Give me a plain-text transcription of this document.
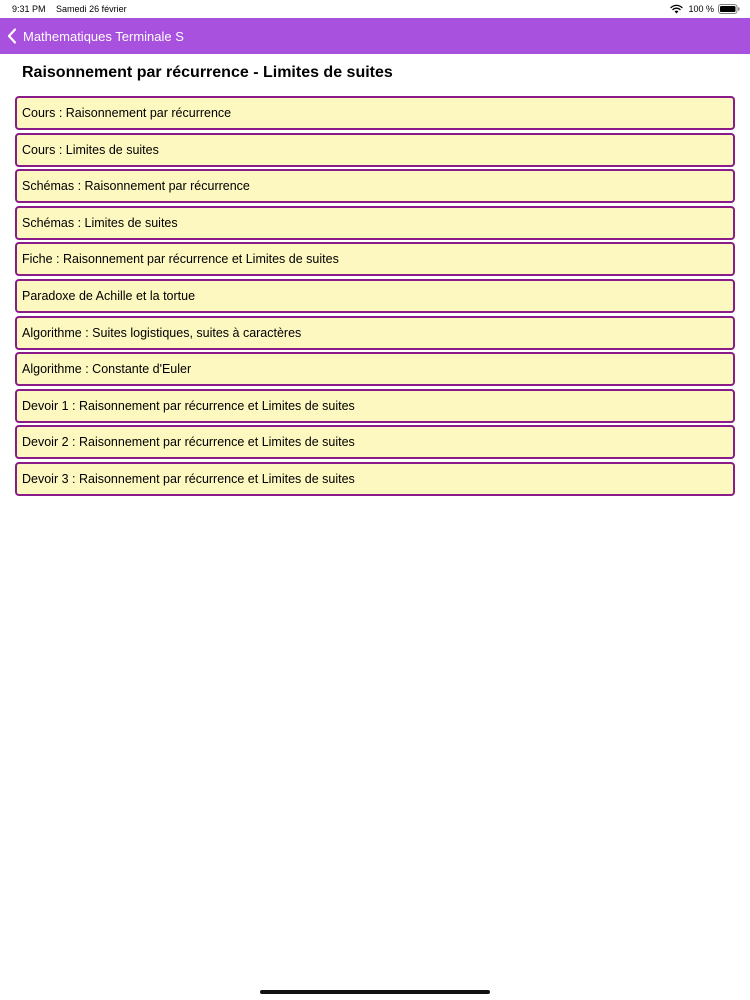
9:31 PM Samedi 26 février	100 %
Mathematiques Terminale S
Raisonnement par récurrence - Limites de suites
Cours : Raisonnement par récurrence
Cours : Limites de suites
Schémas : Raisonnement par récurrence
Schémas : Limites de suites
Fiche : Raisonnement par récurrence et Limites de suites
Paradoxe de Achille et la tortue
Algorithme : Suites logistiques, suites à caractères
Algorithme : Constante d'Euler
Devoir 1 : Raisonnement par récurrence et Limites de suites
Devoir 2 : Raisonnement par récurrence et Limites de suites
Devoir 3 : Raisonnement par récurrence et Limites de suites
